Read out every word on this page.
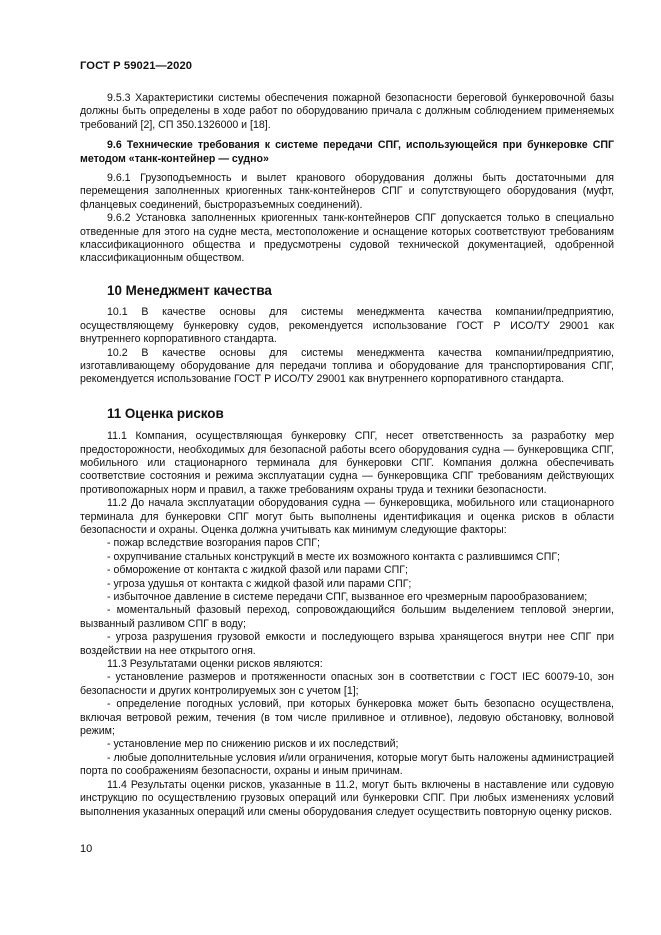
ГОСТ Р 59021—2020

9.5.3 Характеристики системы обеспечения пожарной безопасности береговой бункеровочной базы должны быть определены в ходе работ по оборудованию причала с должным соблюдением применяемых требований [2], СП 350.1326000 и [18].

9.6 Технические требования к системе передачи СПГ, использующейся при бункеровке СПГ методом «танк-контейнер — судно»

9.6.1 Грузоподъемность и вылет кранового оборудования должны быть достаточными для перемещения заполненных криогенных танк-контейнеров СПГ и сопутствующего оборудования (муфт, фланцевых соединений, быстроразъемных соединений).

9.6.2 Установка заполненных криогенных танк-контейнеров СПГ допускается только в специально отведенные для этого на судне места, местоположение и оснащение которых соответствуют требованиям классификационного общества и предусмотрены судовой технической документацией, одобренной классификационным обществом.

10 Менеджмент качества

10.1 В качестве основы для системы менеджмента качества компании/предприятию, осуществляющему бункеровку судов, рекомендуется использование ГОСТ Р ИСО/ТУ 29001 как внутреннего корпоративного стандарта.

10.2 В качестве основы для системы менеджмента качества компании/предприятию, изготавливающему оборудование для передачи топлива и оборудование для транспортирования СПГ, рекомендуется использование ГОСТ Р ИСО/ТУ 29001 как внутреннего корпоративного стандарта.

11 Оценка рисков

11.1 Компания, осуществляющая бункеровку СПГ, несет ответственность за разработку мер предосторожности, необходимых для безопасной работы всего оборудования судна — бункеровщика СПГ, мобильного или стационарного терминала для бункеровки СПГ. Компания должна обеспечивать соответствие состояния и режима эксплуатации судна — бункеровщика СПГ требованиям действующих противопожарных норм и правил, а также требованиям охраны труда и техники безопасности.

11.2 До начала эксплуатации оборудования судна — бункеровщика, мобильного или стационарного терминала для бункеровки СПГ могут быть выполнены идентификация и оценка рисков в области безопасности и охраны. Оценка должна учитывать как минимум следующие факторы:

- пожар вследствие возгорания паров СПГ;

- охрупчивание стальных конструкций в месте их возможного контакта с разлившимся СПГ;

- обморожение от контакта с жидкой фазой или парами СПГ;

- угроза удушья от контакта с жидкой фазой или парами СПГ;

- избыточное давление в системе передачи СПГ, вызванное его чрезмерным парообразованием;

- моментальный фазовый переход, сопровождающийся большим выделением тепловой энергии, вызванный разливом СПГ в воду;

- угроза разрушения грузовой емкости и последующего взрыва хранящегося внутри нее СПГ при воздействии на нее открытого огня.

11.3 Результатами оценки рисков являются:

- установление размеров и протяженности опасных зон в соответствии с ГОСТ IEC 60079-10, зон безопасности и других контролируемых зон с учетом [1];

- определение погодных условий, при которых бункеровка может быть безопасно осуществлена, включая ветровой режим, течения (в том числе приливное и отливное), ледовую обстановку, волновой режим;

- установление мер по снижению рисков и их последствий;

- любые дополнительные условия и/или ограничения, которые могут быть наложены администрацией порта по соображениям безопасности, охраны и иным причинам.

11.4 Результаты оценки рисков, указанные в 11.2, могут быть включены в наставление или судовую инструкцию по осуществлению грузовых операций или бункеровки СПГ. При любых изменениях условий выполнения указанных операций или смены оборудования следует осуществить повторную оценку рисков.

10
